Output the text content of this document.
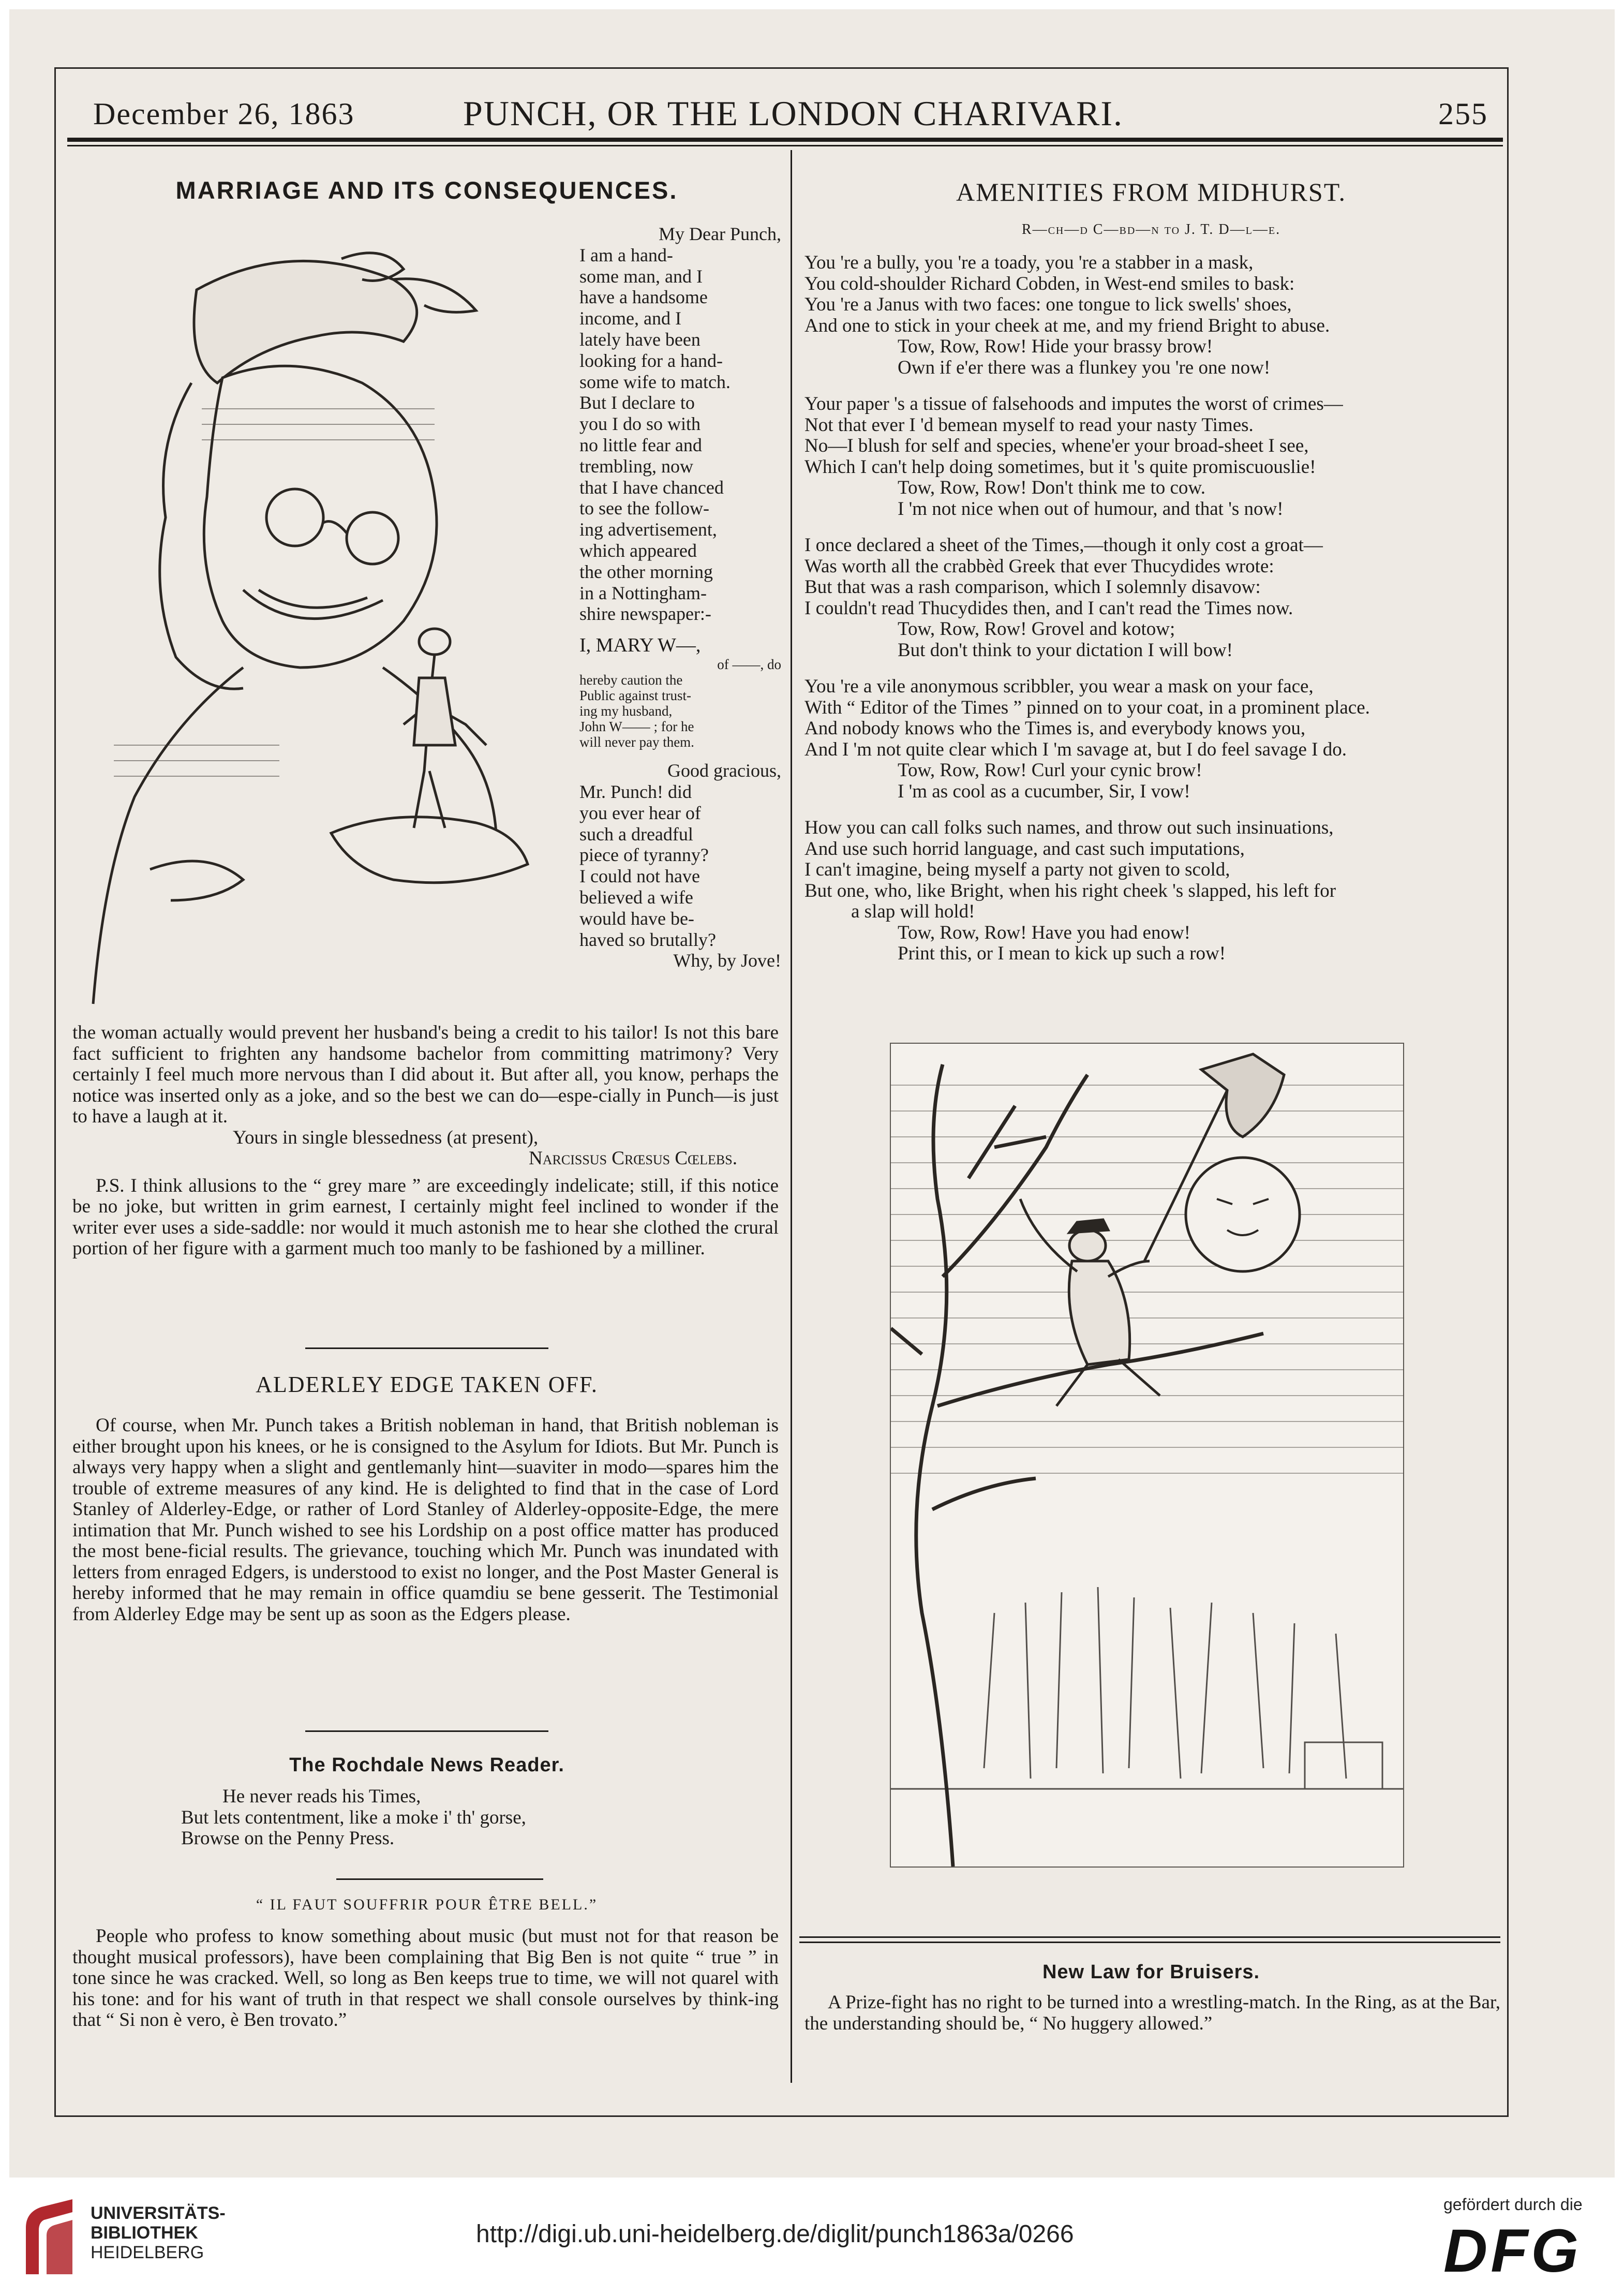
December 26, 1863	PUNCH, OR THE LONDON CHARIVARI.	255
MARRIAGE AND ITS CONSEQUENCES.
My Dear Punch,
I am a hand-
some man, and I
have a handsome
income, and I
lately have been
looking for a hand-
some wife to match.
But I declare to
you I do so with
no little fear and
trembling, now
that I have chanced
to see the follow-
ing advertisement,
which appeared
the other morning
in a Nottingham-
shire newspaper:-
I, MARY W—,
of ——, do
hereby caution the
Public against trust-
ing my husband,
John W—— ; for he
will never pay them.
Good gracious,
Mr. Punch! did
you ever hear of
such a dreadful
piece of tyranny?
I could not have
believed a wife
would have be-
haved so brutally?
Why, by Jove!
the woman actually would prevent her husband's being a credit to his tailor! Is not this bare fact sufficient to frighten any handsome bachelor from committing matrimony? Very certainly I feel much more nervous than I did about it. But after all, you know, perhaps the notice was inserted only as a joke, and so the best we can do—espe-cially in Punch—is just to have a laugh at it.
Yours in single blessedness (at present),
Narcissus Crœsus Cœlebs.

P.S. I think allusions to the “ grey mare ” are exceedingly indelicate; still, if this notice be no joke, but written in grim earnest, I certainly might feel inclined to wonder if the writer ever uses a side-saddle: nor would it much astonish me to hear she clothed the crural portion of her figure with a garment much too manly to be fashioned by a milliner.

ALDERLEY EDGE TAKEN OFF.

Of course, when Mr. Punch takes a British nobleman in hand, that British nobleman is either brought upon his knees, or he is consigned to the Asylum for Idiots. But Mr. Punch is always very happy when a slight and gentlemanly hint—suaviter in modo—spares him the trouble of extreme measures of any kind. He is delighted to find that in the case of Lord Stanley of Alderley-Edge, or rather of Lord Stanley of Alderley-opposite-Edge, the mere intimation that Mr. Punch wished to see his Lordship on a post office matter has produced the most bene-ficial results. The grievance, touching which Mr. Punch was inundated with letters from enraged Edgers, is understood to exist no longer, and the Post Master General is hereby informed that he may remain in office quamdiu se bene gesserit. The Testimonial from Alderley Edge may be sent up as soon as the Edgers please.

The Rochdale News Reader.
He never reads his Times,
But lets contentment, like a moke i' th' gorse,
Browse on the Penny Press.
“ IL FAUT SOUFFRIR POUR ÊTRE BELL.”

People who profess to know something about music (but must not for that reason be thought musical professors), have been complaining that Big Ben is not quite “ true ” in tone since he was cracked. Well, so long as Ben keeps true to time, we will not quarel with his tone: and for his want of truth in that respect we shall console ourselves by think-ing that “ Si non è vero, è Ben trovato.”

AMENITIES FROM MIDHURST.
R—ch—d C—bd—n to J. T. D—l—e.
You 're a bully, you 're a toady, you 're a stabber in a mask,
You cold-shoulder Richard Cobden, in West-end smiles to bask:
You 're a Janus with two faces: one tongue to lick swells' shoes,
And one to stick in your cheek at me, and my friend Bright to abuse.
Tow, Row, Row! Hide your brassy brow!
Own if e'er there was a flunkey you 're one now!
Your paper 's a tissue of falsehoods and imputes the worst of crimes—
Not that ever I 'd bemean myself to read your nasty Times.
No—I blush for self and species, whene'er your broad-sheet I see,
Which I can't help doing sometimes, but it 's quite promiscuouslie!
Tow, Row, Row! Don't think me to cow.
I 'm not nice when out of humour, and that 's now!
I once declared a sheet of the Times,—though it only cost a groat—
Was worth all the crabbèd Greek that ever Thucydides wrote:
But that was a rash comparison, which I solemnly disavow:
I couldn't read Thucydides then, and I can't read the Times now.
Tow, Row, Row! Grovel and kotow;
But don't think to your dictation I will bow!
You 're a vile anonymous scribbler, you wear a mask on your face,
With “ Editor of the Times ” pinned on to your coat, in a prominent place.
And nobody knows who the Times is, and everybody knows you,
And I 'm not quite clear which I 'm savage at, but I do feel savage I do.
Tow, Row, Row! Curl your cynic brow!
I 'm as cool as a cucumber, Sir, I vow!
How you can call folks such names, and throw out such insinuations,
And use such horrid language, and cast such imputations,
I can't imagine, being myself a party not given to scold,
But one, who, like Bright, when his right cheek 's slapped, his left for
a slap will hold!
Tow, Row, Row! Have you had enow!
Print this, or I mean to kick up such a row!
New Law for Bruisers.

A Prize-fight has no right to be turned into a wrestling-match. In the Ring, as at the Bar, the understanding should be, “ No huggery allowed.”

UNIVERSITÄTS-
BIBLIOTHEK
HEIDELBERG
http://digi.ub.uni-heidelberg.de/diglit/punch1863a/0266
gefördert durch die
DFG
